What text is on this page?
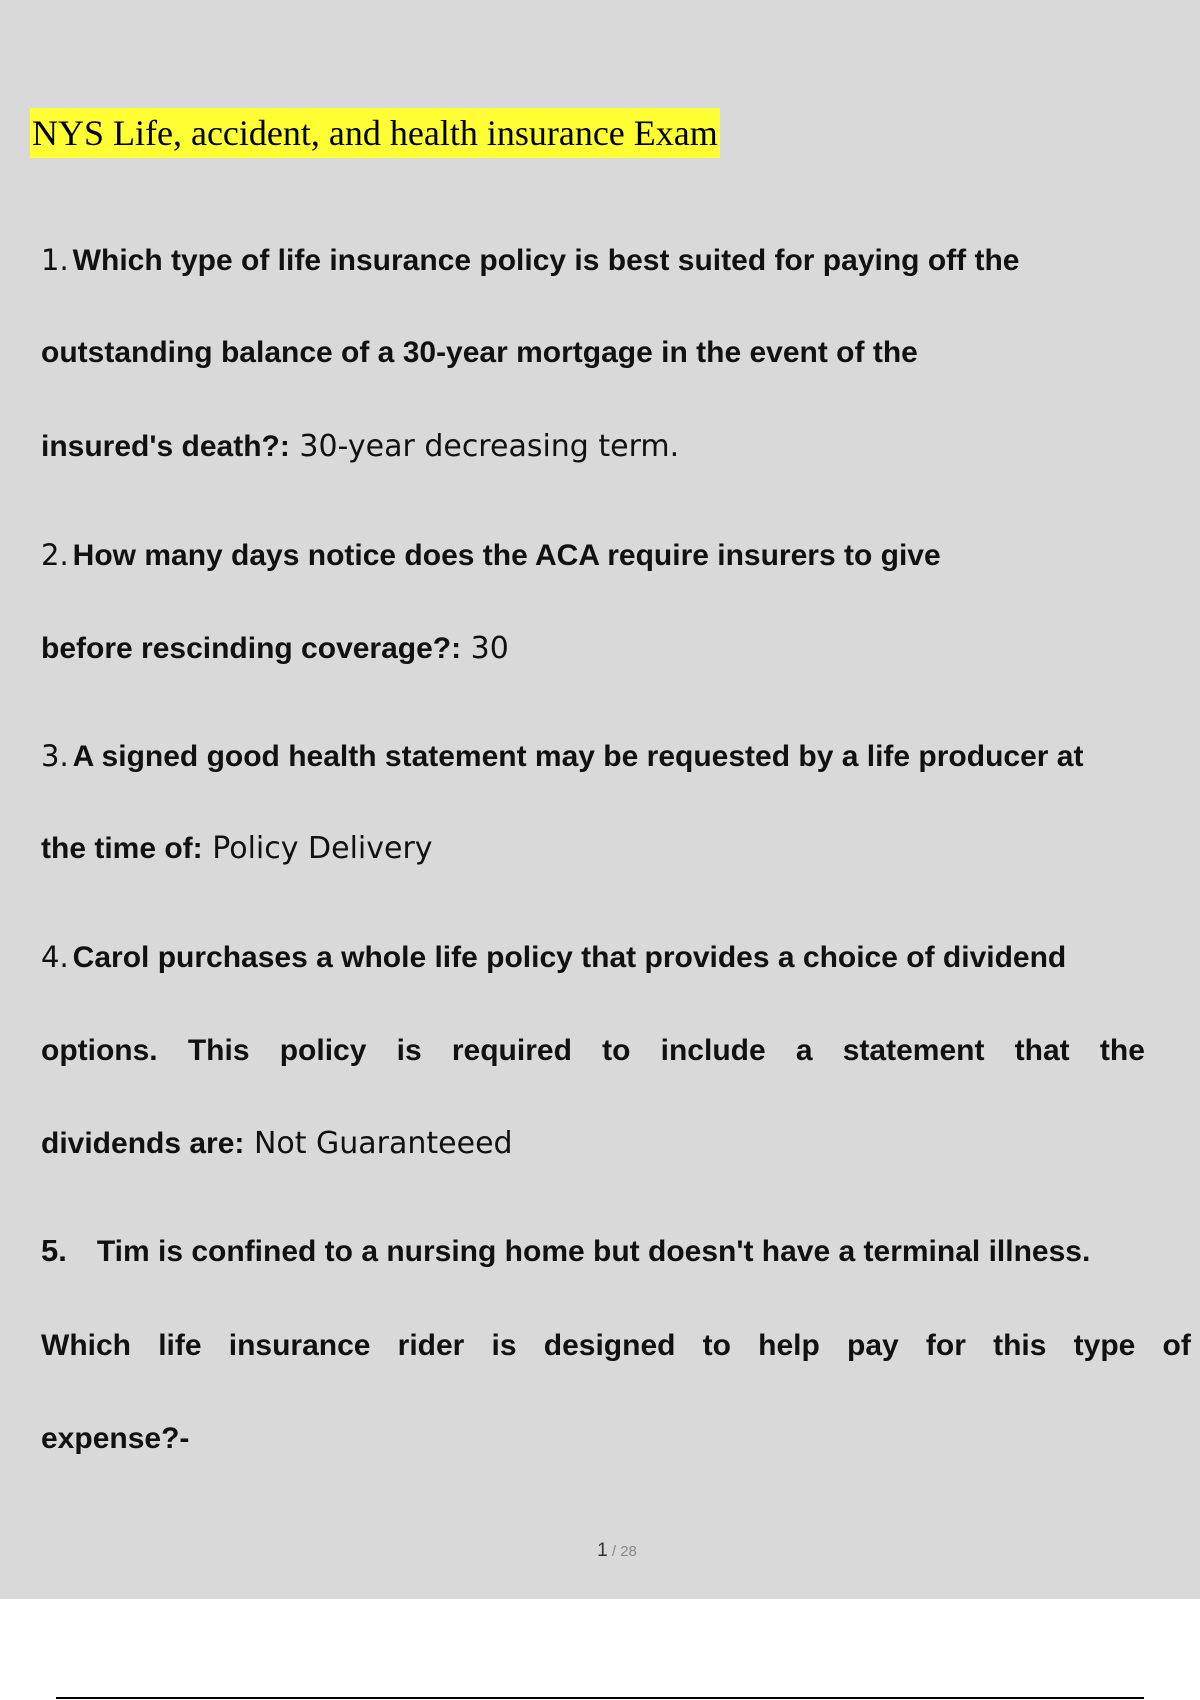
NYS Life, accident, and health insurance Exam
1. Which type of life insurance policy is best suited for paying off the
outstanding balance of a 30-year mortgage in the event of the
insured's death?: 30-year decreasing term.
2. How many days notice does the ACA require insurers to give
before rescinding coverage?: 30
3. A signed good health statement may be requested by a life producer at
the time of: Policy Delivery
4. Carol purchases a whole life policy that provides a choice of dividend
options. This policy is required to include a statement that the
dividends are: Not Guaranteeed
5. Tim is confined to a nursing home but doesn't have a terminal illness.
Which life insurance rider is designed to help pay for this type of
expense?-
1 / 28
